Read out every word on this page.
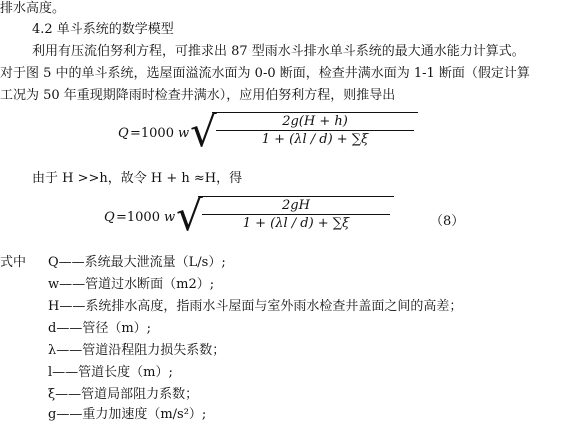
排水高度。
4.2 单斗系统的数学模型
利用有压流伯努利方程，可推求出 87 型雨水斗排水单斗系统的最大通水能力计算式。
对于图 5 中的单斗系统，选屋面溢流水面为 0-0 断面，检查井满水面为 1-1 断面（假定计算
工况为 50 年重现期降雨时检查井满水），应用伯努利方程，则推导出
Q =1000 w √
$\frac{2g(H + h)}{1 + (\lambda l / d) + \sum\xi}$
由于 H >>h，故令 H + h ≈H，得
Q =1000 w √
$\frac{2gH}{1 + (\lambda l / d) + \sum\xi}$	（8）
式中 Q——系统最大泄流量（L/s）;
w——管道过水断面（m2）;
H——系统排水高度，指雨水斗屋面与室外雨水检查井盖面之间的高差；
d——管径（m）;
λ——管道沿程阻力损失系数；
l——管道长度（m）;
ξ——管道局部阻力系数；
g——重力加速度（m/s²）;
